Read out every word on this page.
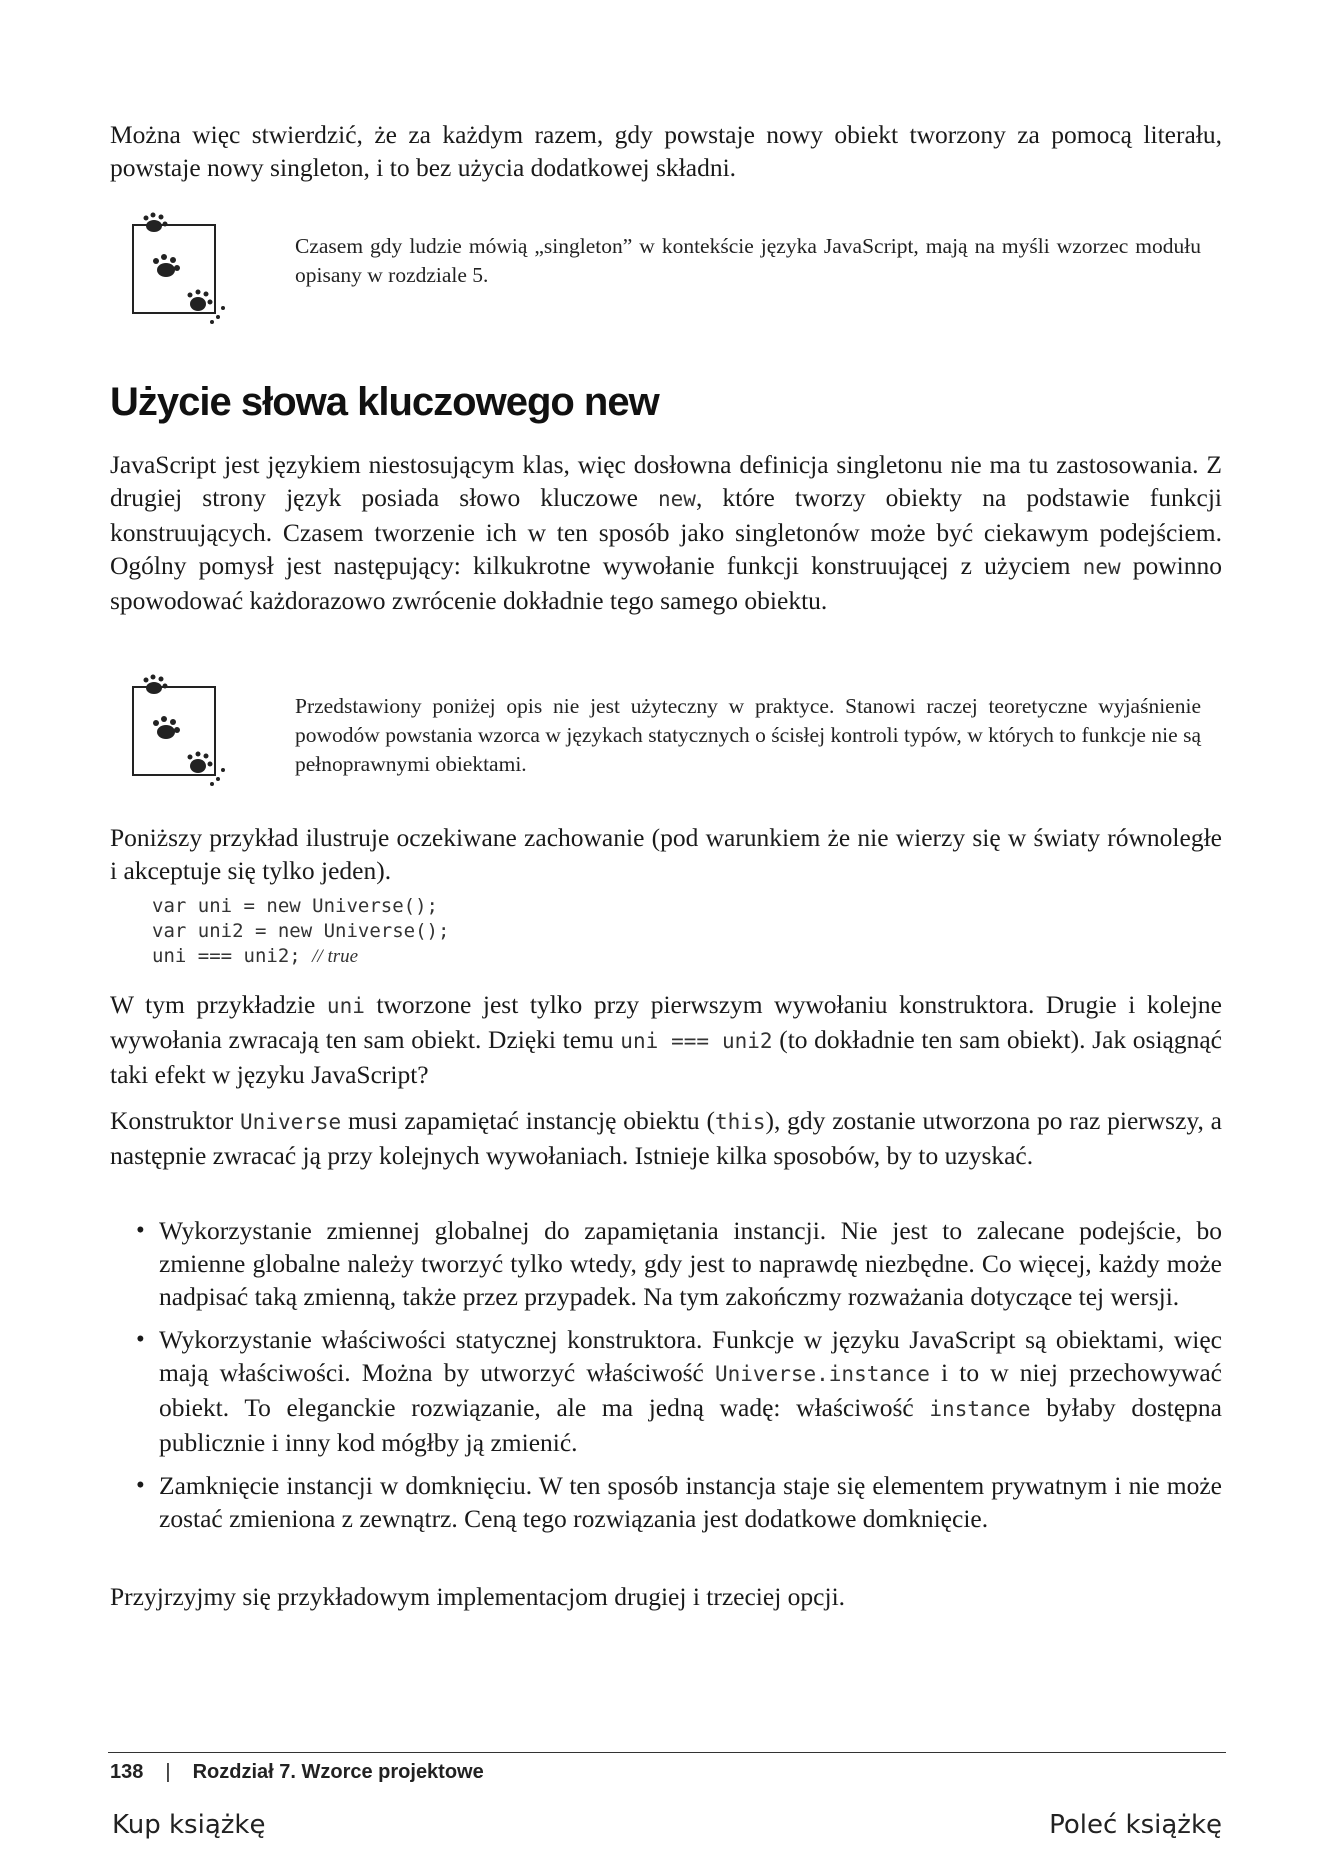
Można więc stwierdzić, że za każdym razem, gdy powstaje nowy obiekt tworzony za pomocą literału, powstaje nowy singleton, i to bez użycia dodatkowej składni.

Czasem gdy ludzie mówią „singleton” w kontekście języka JavaScript, mają na myśli wzorzec modułu opisany w rozdziale 5.

Użycie słowa kluczowego new

JavaScript jest językiem niestosującym klas, więc dosłowna definicja singletonu nie ma tu zastosowania. Z drugiej strony język posiada słowo kluczowe new, które tworzy obiekty na podstawie funkcji konstruujących. Czasem tworzenie ich w ten sposób jako singletonów może być ciekawym podejściem. Ogólny pomysł jest następujący: kilkukrotne wywołanie funkcji konstruującej z użyciem new powinno spowodować każdorazowo zwrócenie dokładnie tego samego obiektu.

Przedstawiony poniżej opis nie jest użyteczny w praktyce. Stanowi raczej teoretyczne wyjaśnienie powodów powstania wzorca w językach statycznych o ścisłej kontroli typów, w których to funkcje nie są pełnoprawnymi obiektami.

Poniższy przykład ilustruje oczekiwane zachowanie (pod warunkiem że nie wierzy się w światy równoległe i akceptuje się tylko jeden).

var uni = new Universe();
var uni2 = new Universe();
uni === uni2; // true

W tym przykładzie uni tworzone jest tylko przy pierwszym wywołaniu konstruktora. Drugie i kolejne wywołania zwracają ten sam obiekt. Dzięki temu uni === uni2 (to dokładnie ten sam obiekt). Jak osiągnąć taki efekt w języku JavaScript?

Konstruktor Universe musi zapamiętać instancję obiektu (this), gdy zostanie utworzona po raz pierwszy, a następnie zwracać ją przy kolejnych wywołaniach. Istnieje kilka sposobów, by to uzyskać.

• Wykorzystanie zmiennej globalnej do zapamiętania instancji. Nie jest to zalecane podejście, bo zmienne globalne należy tworzyć tylko wtedy, gdy jest to naprawdę niezbędne. Co więcej, każdy może nadpisać taką zmienną, także przez przypadek. Na tym zakończmy rozważania dotyczące tej wersji.
• Wykorzystanie właściwości statycznej konstruktora. Funkcje w języku JavaScript są obiektami, więc mają właściwości. Można by utworzyć właściwość Universe.instance i to w niej przechowywać obiekt. To eleganckie rozwiązanie, ale ma jedną wadę: właściwość instance byłaby dostępna publicznie i inny kod mógłby ją zmienić.
• Zamknięcie instancji w domknięciu. W ten sposób instancja staje się elementem prywatnym i nie może zostać zmieniona z zewnątrz. Ceną tego rozwiązania jest dodatkowe domknięcie.

Przyjrzyjmy się przykładowym implementacjom drugiej i trzeciej opcji.

138 | Rozdział 7. Wzorce projektowe
Kup książkę	Poleć książkę
